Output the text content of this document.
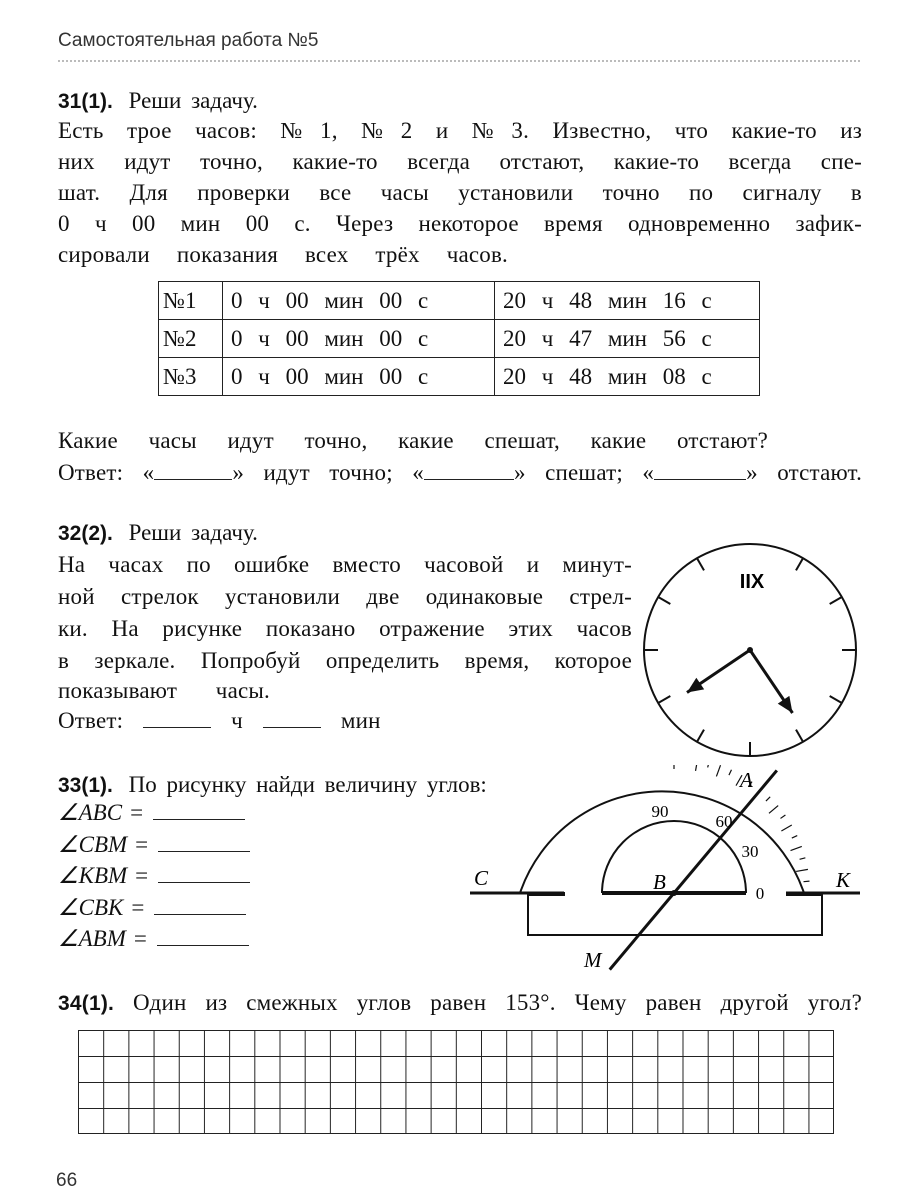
Самостоятельная работа №5
31(1). Реши задачу.
Есть трое часов: №1, №2 и №3. Известно, что какие-то из
них идут точно, какие-то всегда отстают, какие-то всегда спе-
шат. Для проверки все часы установили точно по сигналу в
0 ч 00 мин 00 с. Через некоторое время одновременно зафик-
сировали показания всех трёх часов.
№1	0 ч 00 мин 00 с	20 ч 48 мин 16 с
№2	0 ч 00 мин 00 с	20 ч 47 мин 56 с
№3	0 ч 00 мин 00 с	20 ч 48 мин 08 с
Какие часы идут точно, какие спешат, какие отстают?
Ответ: «	» идут точно; «	» спешат; «	» отстают.
32(2). Реши задачу.
На часах по ошибке вместо часовой и минут-
ной стрелок установили две одинаковые стрел-
ки. На рисунке показано отражение этих часов
в зеркале. Попробуй определить время, которое
показывают часы.
Ответ:	ч	мин
IIX
33(1). По рисунку найди величину углов:
∠ABC =
∠CBM =
∠KBM =
∠CBK =
∠ABM =
90
60
30
0
A
B
C	K
M
34(1). Один из смежных углов равен 153°. Чему равен другой угол?
66
